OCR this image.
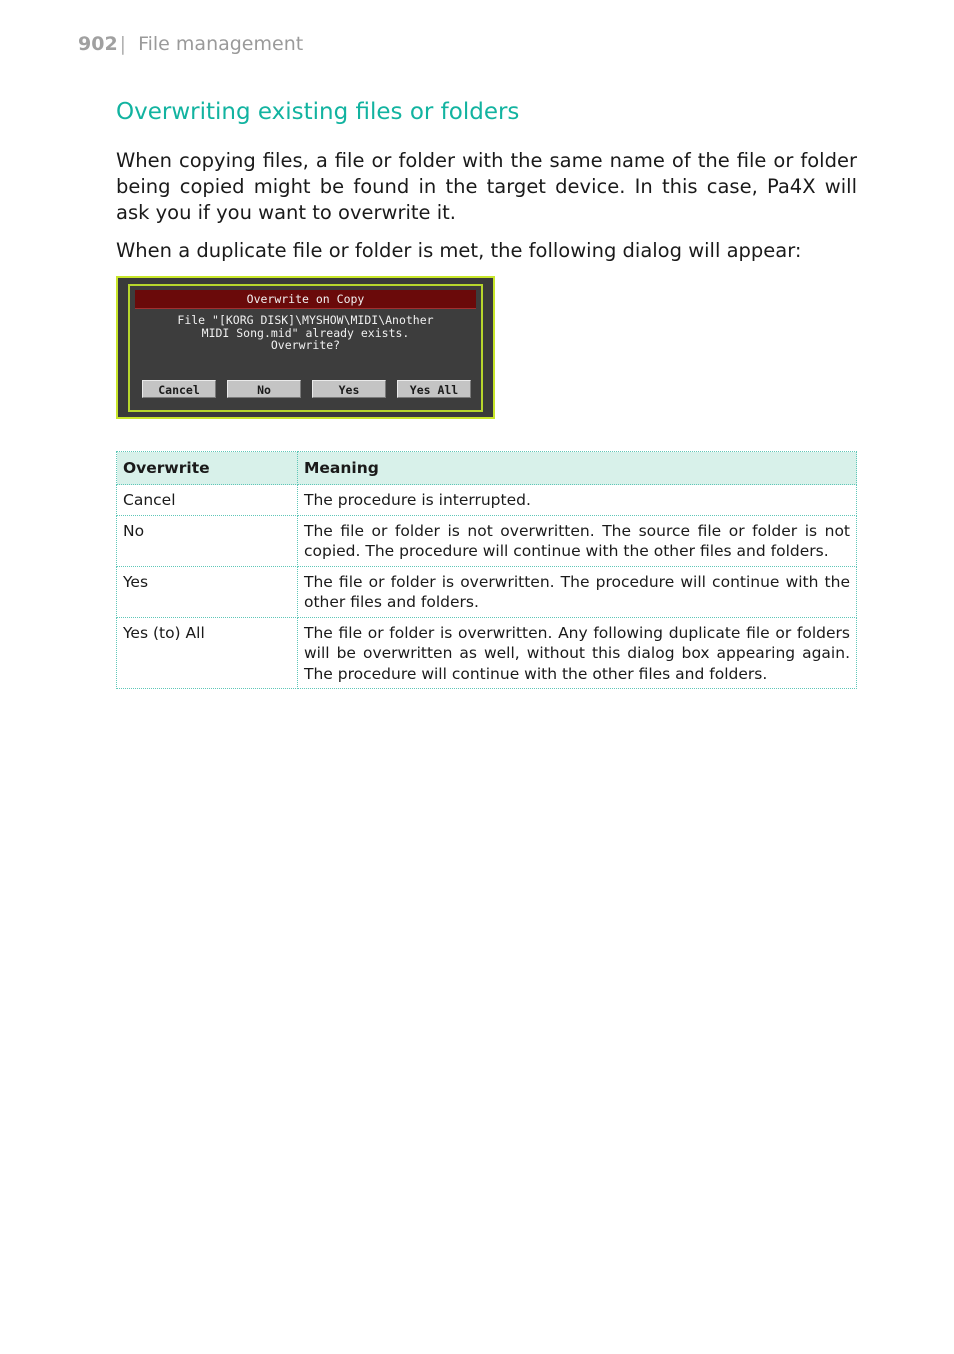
902 | File management
Overwriting existing files or folders

When copying files, a file or folder with the same name of the file or folder being copied might be found in the target device. In this case, Pa4X will ask you if you want to overwrite it.

When a duplicate file or folder is met, the following dialog will appear:

Overwrite on Copy
File "[KORG DISK]\MYSHOW\MIDI\Another
MIDI Song.mid" already exists.
Overwrite?
Cancel	No	Yes	Yes All
Overwrite	Meaning
Cancel	The procedure is interrupted.
No	The file or folder is not overwritten. The source file or folder is not copied. The procedure will continue with the other files and folders.
Yes	The file or folder is overwritten. The procedure will continue with the other files and folders.
Yes (to) All	The file or folder is overwritten. Any following duplicate file or folders will be overwritten as well, without this dialog box appearing again. The procedure will continue with the other files and folders.
